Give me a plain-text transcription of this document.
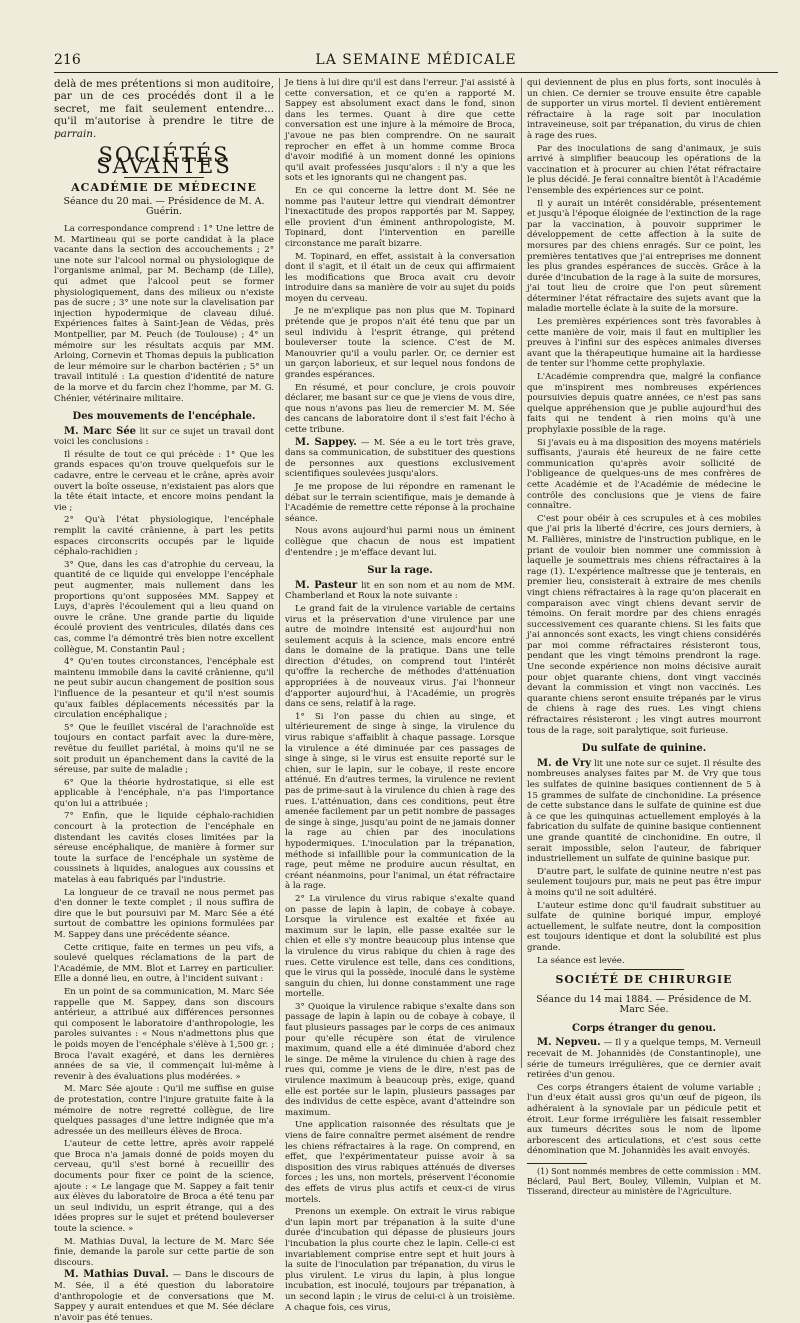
216	LA SEMAINE MÉDICALE

delà de mes prétentions si mon auditoire, par un de ces procédés dont il a le secret, me fait seulement entendre... qu'il m'autorise à prendre le titre de parrain.

SOCIÉTÉS SAVANTES
ACADÉMIE DE MÉDECINE
Séance du 20 mai. — Présidence de M. A. Guérin.

La correspondance comprend : 1° Une lettre de M. Martineau qui se porte candidat à la place vacante dans la section des accouchements ; 2° une note sur l'alcool normal ou physiologique de l'organisme animal, par M. Bechamp (de Lille), qui admet que l'alcool peut se former physiologiquement, dans des milieux ou n'existe pas de sucre ; 3° une note sur la clavelisation par injection hypodermique de claveau dilué. Expériences faites à Saint-Jean de Védas, près Montpellier, par M. Peuch (de Toulouse) ; 4° un mémoire sur les résultats acquis par MM. Arloing, Cornevin et Thomas depuis la publication de leur mémoire sur le charbon bactérien ; 5° un travail intitulé : La question d'identité de nature de la morve et du farcin chez l'homme, par M. G. Chénier, vétérinaire militaire.

Des mouvements de l'encéphale.

M. Marc Sée lit sur ce sujet un travail dont voici les conclusions :

Il résulte de tout ce qui précède : 1° Que les grands espaces qu'on trouve quelquefois sur le cadavre, entre le cerveau et le crâne, après avoir ouvert la boîte osseuse, n'existaient pas alors que la tête était intacte, et encore moins pendant la vie ;

2° Qu'à l'état physiologique, l'encéphale remplit la cavité crânienne, à part les petits espaces circonscrits occupés par le liquide céphalo-rachidien ;

3° Que, dans les cas d'atrophie du cerveau, la quantité de ce liquide qui enveloppe l'encéphale peut augmenter, mais nullement dans les proportions qu'ont supposées MM. Sappey et Luys, d'après l'écoulement qui a lieu quand on ouvre le crâne. Une grande partie du liquide écoulé provient des ventricules, dilatés dans ces cas, comme l'a démontré très bien notre excellent collègue, M. Constantin Paul ;

4° Qu'en toutes circonstances, l'encéphale est maintenu immobile dans la cavité crânienne, qu'il ne peut subir aucun changement de position sous l'influence de la pesanteur et qu'il n'est soumis qu'aux faibles déplacements nécessités par la circulation encéphalique ;

5° Que le feuillet viscéral de l'arachnoïde est toujours en contact parfait avec la dure-mère, revêtue du feuillet pariétal, à moins qu'il ne se soit produit un épanchement dans la cavité de la séreuse, par suite de maladie ;

6° Que la théorie hydrostatique, si elle est applicable à l'encéphale, n'a pas l'importance qu'on lui a attribuée ;

7° Enfin, que le liquide céphalo-rachidien concourt à la protection de l'encéphale en distendant les cavités closes limitées par la séreuse encéphalique, de manière à former sur toute la surface de l'encéphale un système de coussinets à liquides, analogues aux coussins et matelas à eau fabriqués par l'industrie.

La longueur de ce travail ne nous permet pas d'en donner le texte complet ; il nous suffira de dire que le but poursuivi par M. Marc Sée a été surtout de combattre les opinions formulées par M. Sappey dans une précédente séance.

Cette critique, faite en termes un peu vifs, a soulevé quelques réclamations de la part de l'Académie, de MM. Blot et Larrey en particulier. Elle a donné lieu, en outre, à l'incident suivant :

En un point de sa communication, M. Marc Sée rappelle que M. Sappey, dans son discours antérieur, a attribué aux différences personnes qui composent le laboratoire d'anthropologie, les paroles suivantes : « Nous n'admettons plus que le poids moyen de l'encéphale s'élève à 1,500 gr. ; Broca l'avait exagéré, et dans les dernières années de sa vie, il commençait lui-même à revenir à des évaluations plus modérées. »

M. Marc Sée ajoute : Qu'il me suffise en guise de protestation, contre l'injure gratuite faite à la mémoire de notre regretté collègue, de lire quelques passages d'une lettre indignée que m'a adressée un des meilleurs élèves de Broca.

L'auteur de cette lettre, après avoir rappelé que Broca n'a jamais donné de poids moyen du cerveau, qu'il s'est borné à recueillir des documents pour fixer ce point de la science, ajoute : « Le langage que M. Sappey a fait tenir aux élèves du laboratoire de Broca a été tenu par un seul individu, un esprit étrange, qui a des idées propres sur le sujet et prétend bouleverser toute la science. »

M. Mathias Duval, la lecture de M. Marc Sée finie, demande la parole sur cette partie de son discours.

M. Mathias Duval. — Dans le discours de M. Sée, il a été question du laboratoire d'anthropologie et de conversations que M. Sappey y aurait entendues et que M. Sée déclare n'avoir pas été tenues.

Je tiens à lui dire qu'il est dans l'erreur. J'ai assisté à cette conversation, et ce qu'en a rapporté M. Sappey est absolument exact dans le fond, sinon dans les termes. Quant à dire que cette conversation est une injure à la mémoire de Broca, j'avoue ne pas bien comprendre. On ne saurait reprocher en effet à un homme comme Broca d'avoir modifié à un moment donné les opinions qu'il avait professées jusqu'alors : il n'y a que les sots et les ignorants qui ne changent pas.

En ce qui concerne la lettre dont M. Sée ne nomme pas l'auteur lettre qui viendrait démontrer l'inexactitude des propos rapportés par M. Sappey, elle provient d'un éminent anthropologiste, M. Topinard, dont l'intervention en pareille circonstance me paraît bizarre.

M. Topinard, en effet, assistait à la conversation dont il s'agit, et il était un de ceux qui affirmaient les modifications que Broca avait cru devoir introduire dans sa manière de voir au sujet du poids moyen du cerveau.

Je ne m'explique pas non plus que M. Topinard prétende que je propos n'ait été tenu que par un seul individu à l'esprit étrange, qui prétend bouleverser toute la science. C'est de M. Manouvrier qu'il a voulu parler. Or, ce dernier est un garçon laborieux, et sur lequel nous fondons de grandes espérances.

En résumé, et pour conclure, je crois pouvoir déclarer, me basant sur ce que je viens de vous dire, que nous n'avons pas lieu de remercier M. M. Sée des cancans de laboratoire dont il s'est fait l'écho à cette tribune.

M. Sappey. — M. Sée a eu le tort très grave, dans sa communication, de substituer des questions de personnes aux questions exclusivement scientifiques soulevées jusqu'alors.

Je me propose de lui répondre en ramenant le débat sur le terrain scientifique, mais je demande à l'Académie de remettre cette réponse à la prochaine séance.

Nous avons aujourd'hui parmi nous un éminent collègue que chacun de nous est impatient d'entendre ; je m'efface devant lui.

Sur la rage.

M. Pasteur lit en son nom et au nom de MM. Chamberland et Roux la note suivante :

Le grand fait de la virulence variable de certains virus et la préservation d'une virulence par une autre de moindre intensité est aujourd'hui non seulement acquis à la science, mais encore entré dans le domaine de la pratique. Dans une telle direction d'études, on comprend tout l'intérêt qu'offre la recherche de méthodes d'atténuation appropriées à de nouveaux virus. J'ai l'honneur d'apporter aujourd'hui, à l'Académie, un progrès dans ce sens, relatif à la rage.

1° Si l'on passe du chien au singe, et ultérieurement de singe à singe, la virulence du virus rabique s'affaiblit à chaque passage. Lorsque la virulence a été diminuée par ces passages de singe à singe, si le virus est ensuite reporté sur le chien, sur le lapin, sur le cobaye, il reste encore atténué. En d'autres termes, la virulence ne revient pas de prime-saut à la virulence du chien à rage des rues. L'atténuation, dans ces conditions, peut être amenée facilement par un petit nombre de passages de singe à singe, jusqu'au point de ne jamais donner la rage au chien par des inoculations hypodermiques. L'inoculation par la trépanation, méthode si infaillible pour la communication de la rage, peut même ne produire aucun résultat, en créant néanmoins, pour l'animal, un état réfractaire à la rage.

2° La virulence du virus rabique s'exalte quand on passe de lapin à lapin, de cobaye à cobaye. Lorsque la virulence est exaltée et fixée au maximum sur le lapin, elle passe exaltée sur le chien et elle s'y montre beaucoup plus intense que la virulence du virus rabique du chien à rage des rues. Cette virulence est telle, dans ces conditions, que le virus qui la possède, inoculé dans le système sanguin du chien, lui donne constamment une rage mortelle.

3° Quoique la virulence rabique s'exalte dans son passage de lapin à lapin ou de cobaye à cobaye, il faut plusieurs passages par le corps de ces animaux pour qu'elle récupère son état de virulence maximum, quand elle a été diminuée d'abord chez le singe. De même la virulence du chien à rage des rues qui, comme je viens de le dire, n'est pas de virulence maximum à beaucoup près, exige, quand elle est portée sur le lapin, plusieurs passages par des individus de cette espèce, avant d'atteindre son maximum.

Une application raisonnée des résultats que je viens de faire connaître permet aisément de rendre les chiens réfractaires à la rage. On comprend, en effet, que l'expérimentateur puisse avoir à sa disposition des virus rabiques atténués de diverses forces ; les uns, non mortels, préservent l'économie des effets de virus plus actifs et ceux-ci de virus mortels.

Prenons un exemple. On extrait le virus rabique d'un lapin mort par trépanation à la suite d'une durée d'incubation qui dépasse de plusieurs jours l'incubation la plus courte chez le lapin. Celle-ci est invariablement comprise entre sept et huit jours à la suite de l'inoculation par trépanation, du virus le plus virulent. Le virus du lapin, à plus longue incubation, est inoculé, toujours par trépanation, à un second lapin ; le virus de celui-ci à un troisième. A chaque fois, ces virus,

qui deviennent de plus en plus forts, sont inoculés à un chien. Ce dernier se trouve ensuite être capable de supporter un virus mortel. Il devient entièrement réfractaire à la rage soit par inoculation intraveineuse, soit par trépanation, du virus de chien à rage des rues.

Par des inoculations de sang d'animaux, je suis arrivé à simplifier beaucoup les opérations de la vaccination et à procurer au chien l'état réfractaire le plus décidé. Je ferai connaître bientôt à l'Académie l'ensemble des expériences sur ce point.

Il y aurait un intérêt considérable, présentement et jusqu'à l'époque éloignée de l'extinction de la rage par la vaccination, à pouvoir supprimer le développement de cette affection à la suite de morsures par des chiens enragés. Sur ce point, les premières tentatives que j'ai entreprises me donnent les plus grandes espérances de succès. Grâce à la durée d'incubation de la rage à la suite de morsures, j'ai tout lieu de croire que l'on peut sûrement déterminer l'état réfractaire des sujets avant que la maladie mortelle éclate à la suite de la morsure.

Les premières expériences sont très favorables à cette manière de voir, mais il faut en multiplier les preuves à l'infini sur des espèces animales diverses avant que la thérapeutique humaine ait la hardiesse de tenter sur l'homme cette prophylaxie.

L'Académie comprendra que, malgré la confiance que m'inspirent mes nombreuses expériences poursuivies depuis quatre années, ce n'est pas sans quelque appréhension que je publie aujourd'hui des faits qui ne tendent à rien moins qu'à une prophylaxie possible de la rage.

Si j'avais eu à ma disposition des moyens matériels suffisants, j'aurais été heureux de ne faire cette communication qu'après avoir sollicité de l'obligeance de quelques-uns de mes confrères de cette Académie et de l'Académie de médecine le contrôle des conclusions que je viens de faire connaître.

C'est pour obéir à ces scrupules et à ces mobiles que j'ai pris la liberté d'écrire, ces jours derniers, à M. Fallières, ministre de l'instruction publique, en le priant de vouloir bien nommer une commission à laquelle je soumettrais mes chiens réfractaires à la rage (1). L'expérience maîtresse que je tenterais, en premier lieu, consisterait à extraire de mes chenils vingt chiens réfractaires à la rage qu'on placerait en comparaison avec vingt chiens devant servir de témoins. On ferait mordre par des chiens enragés successivement ces quarante chiens. Si les faits que j'ai annoncés sont exacts, les vingt chiens considérés par moi comme réfractaires résisteront tous, pendant que les vingt témoins prendront la rage. Une seconde expérience non moins décisive aurait pour objet quarante chiens, dont vingt vaccinés devant la commission et vingt non vaccinés. Les quarante chiens seront ensuite trépanés par le virus de chiens à rage des rues. Les vingt chiens réfractaires résisteront ; les vingt autres mourront tous de la rage, soit paralytique, soit furieuse.

Du sulfate de quinine.

M. de Vry lit une note sur ce sujet. Il résulte des nombreuses analyses faites par M. de Vry que tous les sulfates de quinine basiques contiennent de 5 à 15 grammes de sulfate de cinchonidine. La présence de cette substance dans le sulfate de quinine est due à ce que les quinquinas actuellement employés à la fabrication du sulfate de quinine basique contiennent une grande quantité de cinchonidine. En outre, il serait impossible, selon l'auteur, de fabriquer industriellement un sulfate de quinine basique pur.

D'autre part, le sulfate de quinine neutre n'est pas seulement toujours pur, mais ne peut pas être impur à moins qu'il ne soit adultéré.

L'auteur estime donc qu'il faudrait substituer au sulfate de quinine boriqué impur, employé actuellement, le sulfate neutre, dont la composition est toujours identique et dont la solubilité est plus grande.

La séance est levée.

SOCIÉTÉ DE CHIRURGIE
Séance du 14 mai 1884. — Présidence de M. Marc Sée.
Corps étranger du genou.

M. Nepveu. — Il y a quelque temps, M. Verneuil recevait de M. Johannidès (de Constantinople), une série de tumeurs irrégulières, que ce dernier avait retirées d'un genou.

Ces corps étrangers étaient de volume variable ; l'un d'eux était aussi gros qu'un œuf de pigeon, ils adhéraient à la synoviale par un pédicule petit et étroit. Leur forme irrégulière les faisait ressembler aux tumeurs décrites sous le nom de lipome arborescent des articulations, et c'est sous cette dénomination que M. Johannidès les avait envoyés.

(1) Sont nommés membres de cette commission : MM. Béclard, Paul Bert, Bouley, Villemin, Vulpian et M. Tisserand, directeur au ministère de l'Agriculture.
